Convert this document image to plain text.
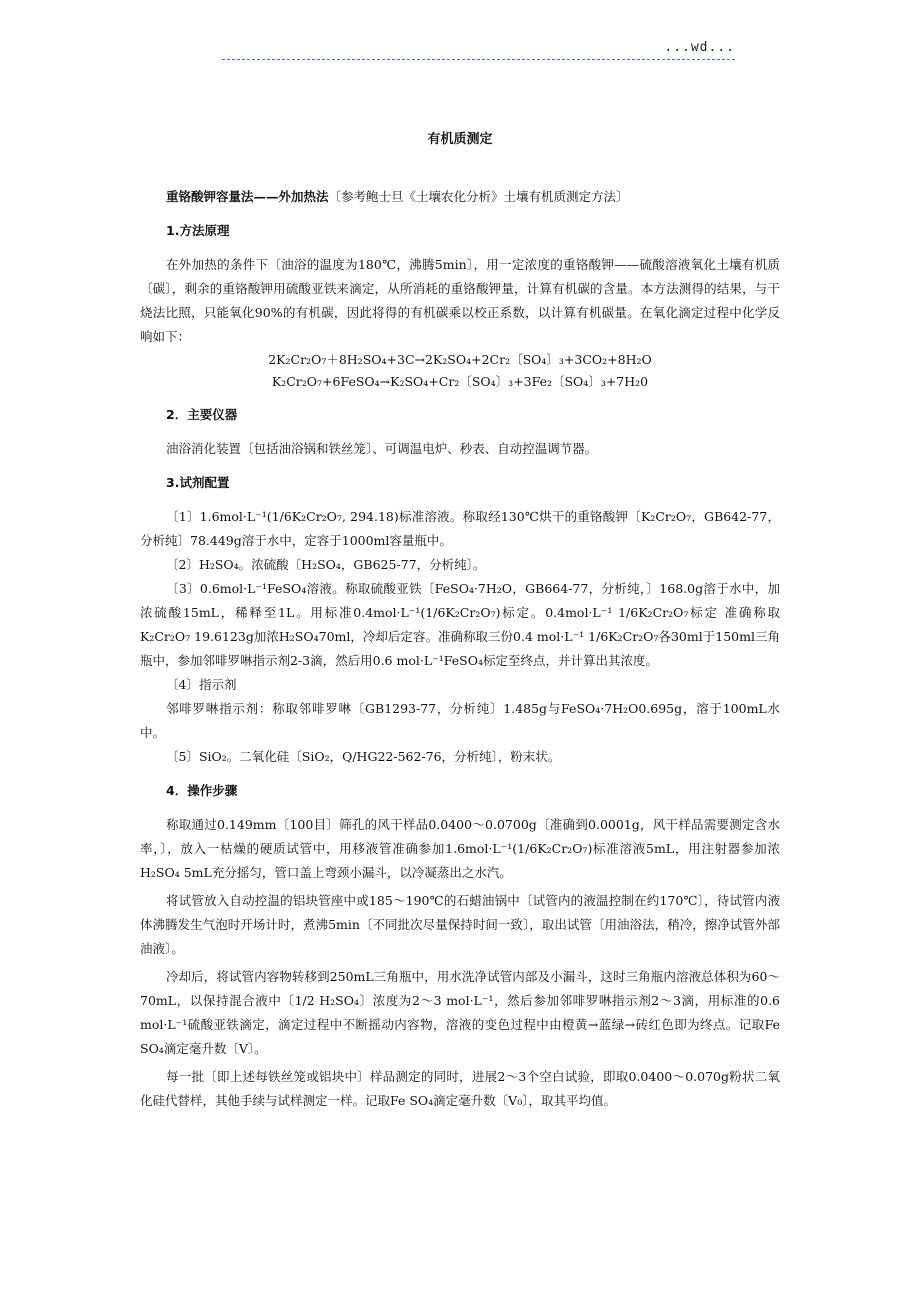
...wd...
有机质测定

重铬酸钾容量法——外加热法〔参考鲍士旦《土壤农化分析》土壤有机质测定方法〕

1.方法原理

在外加热的条件下〔油浴的温度为180℃，沸腾5min〕，用一定浓度的重铬酸钾——硫酸溶液氧化土壤有机质〔碳〕，剩余的重铬酸钾用硫酸亚铁来滴定，从所消耗的重铬酸钾量，计算有机碳的含量。本方法测得的结果，与干烧法比照，只能氧化90%的有机碳，因此将得的有机碳乘以校正系数，以计算有机碳量。在氧化滴定过程中化学反响如下：

2K₂Cr₂O₇＋8H₂SO₄+3C→2K₂SO₄+2Cr₂〔SO₄〕₃+3CO₂+8H₂O

K₂Cr₂O₇+6FeSO₄→K₂SO₄+Cr₂〔SO₄〕₃+3Fe₂〔SO₄〕₃+7H₂0

2．主要仪器

油浴消化装置〔包括油浴锅和铁丝笼〕、可调温电炉、秒表、自动控温调节器。

3.试剂配置

〔1〕1.6mol·L⁻¹(1/6K₂Cr₂O₇, 294.18)标准溶液。称取经130℃烘干的重铬酸钾〔K₂Cr₂O₇，GB642-77，分析纯〕78.449g溶于水中，定容于1000ml容量瓶中。

〔2〕H₂SO₄。浓硫酸〔H₂SO₄，GB625-77，分析纯〕。

〔3〕0.6mol·L⁻¹FeSO₄溶液。称取硫酸亚铁〔FeSO₄·7H₂O，GB664-77，分析纯，〕168.0g溶于水中，加浓硫酸15mL，稀释至1L。用标准0.4mol·L⁻¹(1/6K₂Cr₂O₇)标定。0.4mol·L⁻¹ 1/6K₂Cr₂O₇标定 准确称取K₂Cr₂O₇ 19.6123g加浓H₂SO₄70ml，冷却后定容。准确称取三份0.4 mol·L⁻¹ 1/6K₂Cr₂O₇各30ml于150ml三角瓶中，参加邻啡罗啉指示剂2-3滴，然后用0.6 mol·L⁻¹FeSO₄标定至终点，并计算出其浓度。

〔4〕指示剂

邻啡罗啉指示剂：称取邻啡罗啉〔GB1293-77，分析纯〕1.485g与FeSO₄·7H₂O0.695g，溶于100mL水中。

〔5〕SiO₂。二氧化硅〔SiO₂，Q/HG22-562-76，分析纯〕，粉末状。

4．操作步骤

称取通过0.149mm〔100目〕筛孔的风干样品0.0400～0.0700g〔准确到0.0001g，风干样品需要测定含水率，〕，放入一枯燥的硬质试管中，用移液管准确参加1.6mol·L⁻¹(1/6K₂Cr₂O₇)标准溶液5mL，用注射器参加浓H₂SO₄ 5mL充分摇匀，管口盖上弯颈小漏斗，以冷凝蒸出之水汽。

将试管放入自动控温的铝块管座中或185～190℃的石蜡油锅中〔试管内的液温控制在约170℃〕，待试管内液体沸腾发生气泡时开场计时，煮沸5min〔不同批次尽量保持时间一致〕，取出试管〔用油浴法，稍冷，擦净试管外部油液〕。

冷却后，将试管内容物转移到250mL三角瓶中，用水洗净试管内部及小漏斗，这时三角瓶内溶液总体积为60～70mL，以保持混合液中〔1/2 H₂SO₄〕浓度为2～3 mol·L⁻¹，然后参加邻啡罗啉指示剂2～3滴，用标准的0.6 mol·L⁻¹硫酸亚铁滴定，滴定过程中不断摇动内容物，溶液的变色过程中由橙黄→蓝绿→砖红色即为终点。记取Fe SO₄滴定毫升数〔V〕。

每一批〔即上述每铁丝笼或铝块中〕样品测定的同时，进展2～3个空白试验，即取0.0400～0.070g粉状二氧化硅代替样，其他手续与试样测定一样。记取Fe SO₄滴定毫升数〔V₀〕，取其平均值。
